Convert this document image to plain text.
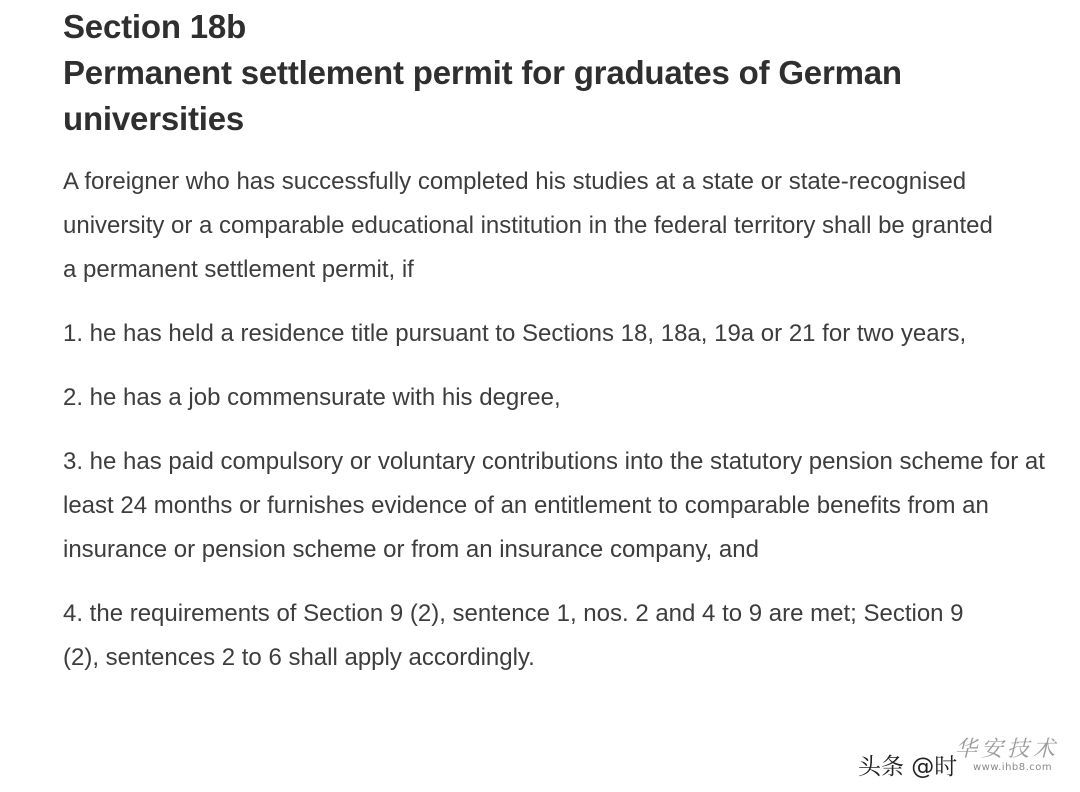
Section 18b
Permanent settlement permit for graduates of German
universities

A foreigner who has successfully completed his studies at a state or state-recognised university or a comparable educational institution in the federal territory shall be granted a permanent settlement permit, if

1. he has held a residence title pursuant to Sections 18, 18a, 19a or 21 for two years,

2. he has a job commensurate with his degree,

3. he has paid compulsory or voluntary contributions into the statutory pension scheme for at least 24 months or furnishes evidence of an entitlement to comparable benefits from an insurance or pension scheme or from an insurance company, and

4. the requirements of Section 9 (2), sentence 1, nos. 2 and 4 to 9 are met; Section 9 (2), sentences 2 to 6 shall apply accordingly.

头条 @时
华安技术
www.ihb8.com
